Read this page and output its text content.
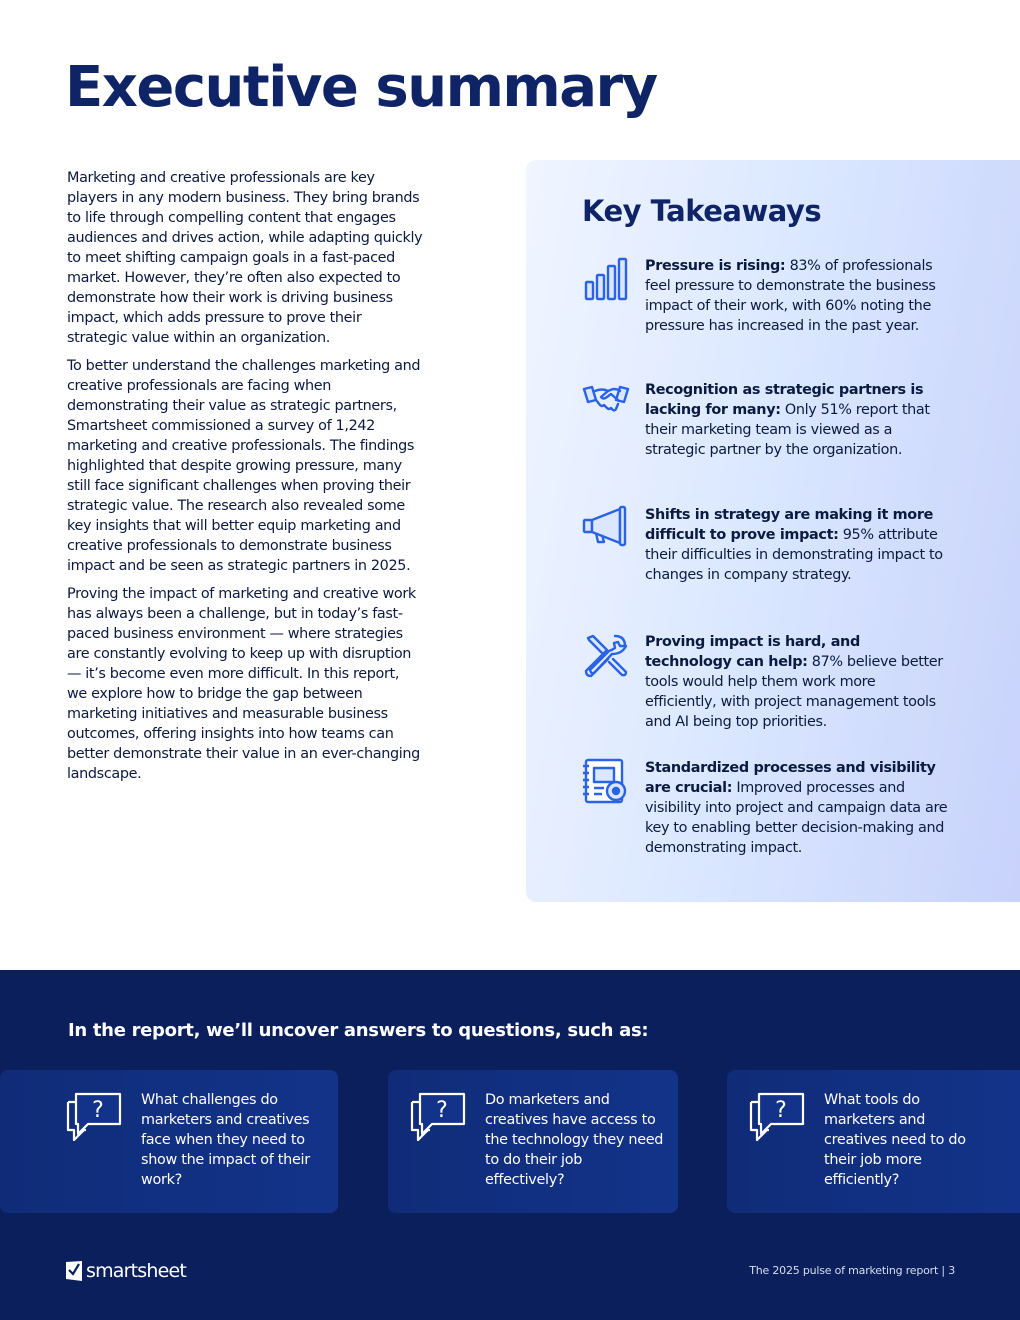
Executive summary

Marketing and creative professionals are key players in any modern business. They bring brands to life through compelling content that engages audiences and drives action, while adapting quickly to meet shifting campaign goals in a fast-paced market. However, they’re often also expected to demonstrate how their work is driving business impact, which adds pressure to prove their strategic value within an organization.

To better understand the challenges marketing and creative professionals are facing when demonstrating their value as strategic partners, Smartsheet commissioned a survey of 1,242 marketing and creative professionals. The findings highlighted that despite growing pressure, many still face significant challenges when proving their strategic value. The research also revealed some key insights that will better equip marketing and creative professionals to demonstrate business impact and be seen as strategic partners in 2025.

Proving the impact of marketing and creative work has always been a challenge, but in today’s fast-paced business environment — where strategies are constantly evolving to keep up with disruption — it’s become even more difficult. In this report, we explore how to bridge the gap between marketing initiatives and measurable business outcomes, offering insights into how teams can better demonstrate their value in an ever-changing landscape.

Key Takeaways
Pressure is rising: 83% of professionals feel pressure to demonstrate the business impact of their work, with 60% noting the pressure has increased in the past year.
Recognition as strategic partners is lacking for many: Only 51% report that their marketing team is viewed as a strategic partner by the organization.
Shifts in strategy are making it more difficult to prove impact: 95% attribute their difficulties in demonstrating impact to changes in company strategy.
Proving impact is hard, and technology can help: 87% believe better tools would help them work more efficiently, with project management tools and AI being top priorities.
Standardized processes and visibility are crucial: Improved processes and visibility into project and campaign data are key to enabling better decision-making and demonstrating impact.
In the report, we’ll uncover answers to questions, such as:
?	What challenges do marketers and creatives face when they need to show the impact of their work?
?	Do marketers and creatives have access to the technology they need to do their job effectively?
?	What tools do marketers and creatives need to do their job more efficiently?
smartsheet	The 2025 pulse of marketing report | 3
